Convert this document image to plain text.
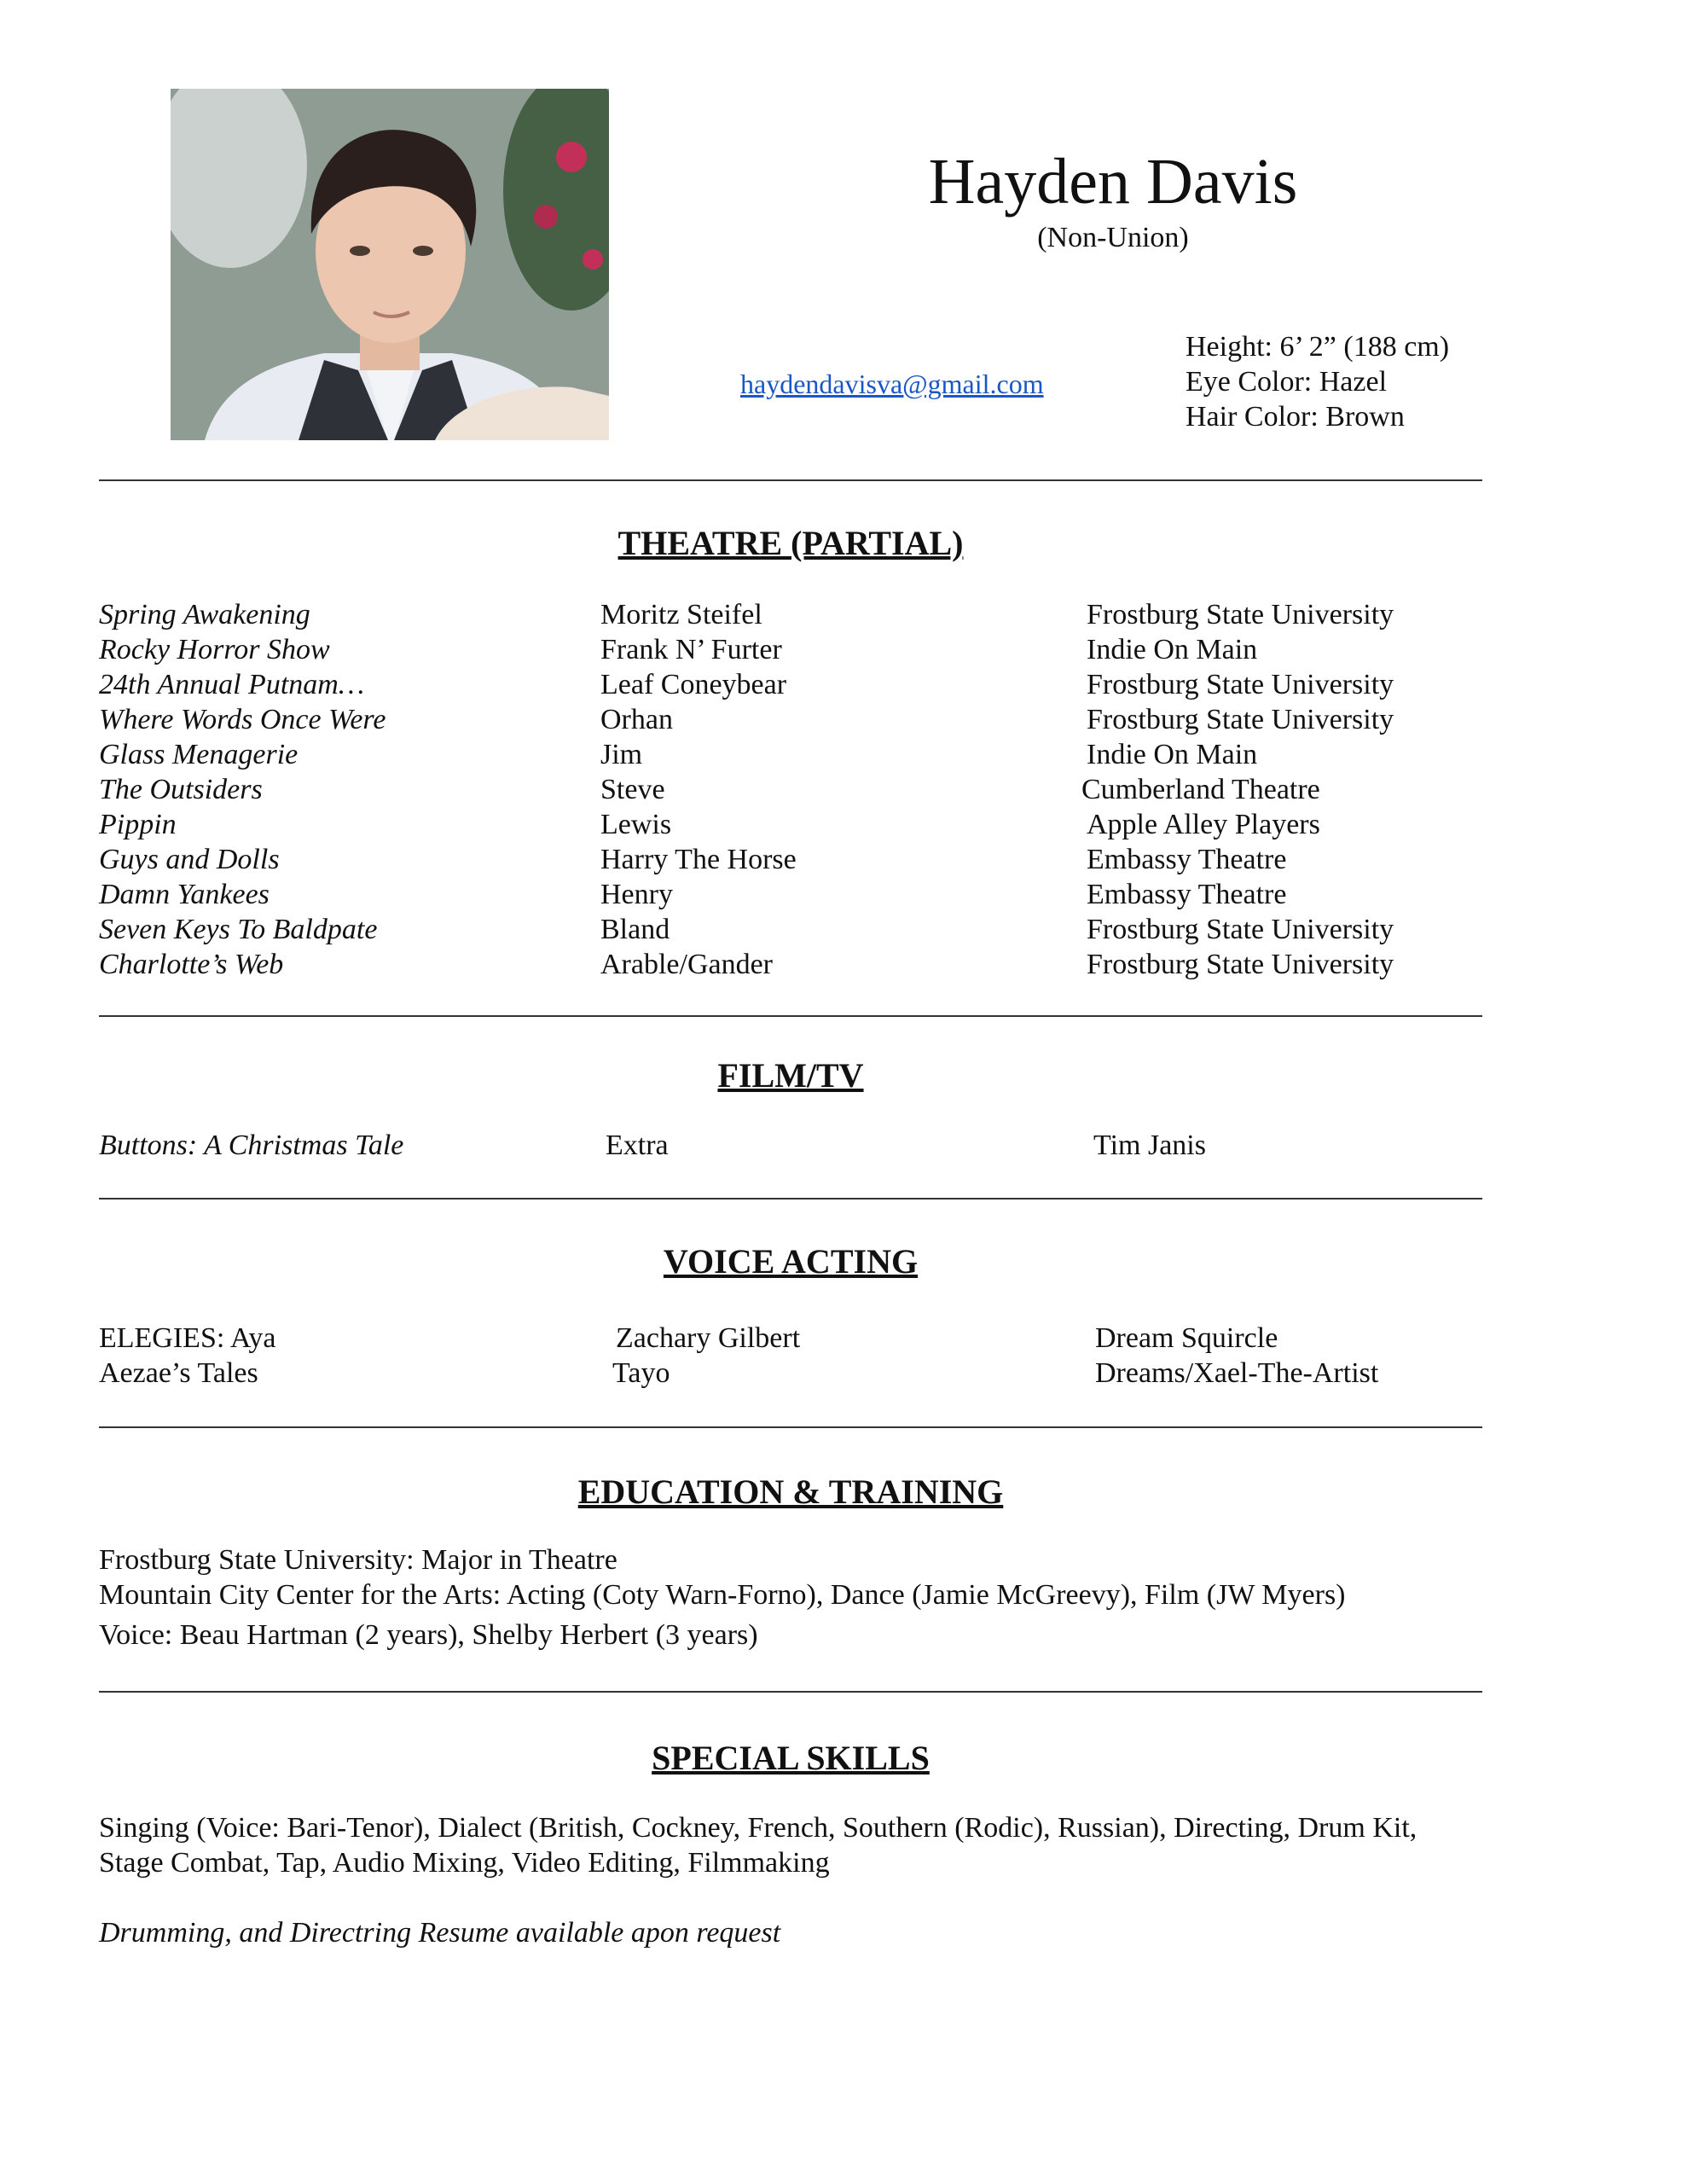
Hayden Davis
(Non-Union)
haydendavisva@gmail.com
Height: 6’ 2” (188 cm)
Eye Color: Hazel
Hair Color: Brown
THEATRE (PARTIAL)
Spring Awakening	Moritz Steifel	Frostburg State University
Rocky Horror Show	Frank N’ Furter	Indie On Main
24th Annual Putnam…	Leaf Coneybear	Frostburg State University
Where Words Once Were	Orhan	Frostburg State University
Glass Menagerie	Jim	Indie On Main
The Outsiders	Steve	Cumberland Theatre
Pippin	Lewis	Apple Alley Players
Guys and Dolls	Harry The Horse	Embassy Theatre
Damn Yankees	Henry	Embassy Theatre
Seven Keys To Baldpate	Bland	Frostburg State University
Charlotte’s Web	Arable/Gander	Frostburg State University
FILM/TV
Buttons: A Christmas Tale	Extra	Tim Janis
VOICE ACTING
ELEGIES: Aya	Zachary Gilbert	Dream Squircle
Aezae’s Tales	Tayo	Dreams/Xael-The-Artist
EDUCATION & TRAINING
Frostburg State University: Major in Theatre
Mountain City Center for the Arts: Acting (Coty Warn-Forno), Dance (Jamie McGreevy), Film (JW Myers)
Voice: Beau Hartman (2 years), Shelby Herbert (3 years)
SPECIAL SKILLS
Singing (Voice: Bari-Tenor), Dialect (British, Cockney, French, Southern (Rodic), Russian), Directing, Drum Kit,
Stage Combat, Tap, Audio Mixing, Video Editing, Filmmaking
Drumming, and Directring Resume available apon request
